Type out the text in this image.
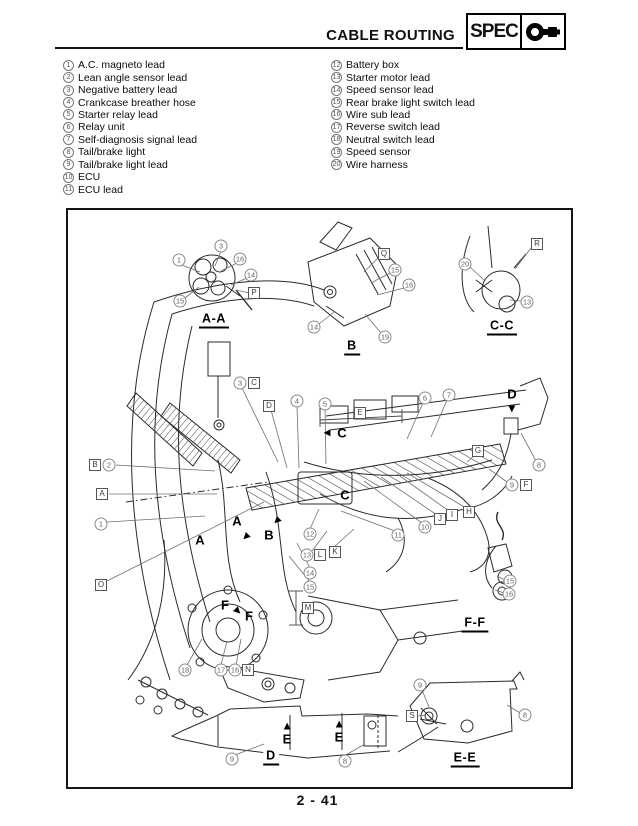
CABLE ROUTING SPEC
1 A.C. magneto lead
2 Lean angle sensor lead
3 Negative battery lead
4 Crankcase breather hose
5 Starter relay lead
6 Relay unit
7 Self-diagnosis signal lead
8 Tail/brake light
9 Tail/brake light lead
10 ECU
11 ECU lead
12 Battery box
13 Starter motor lead
14 Speed sensor lead
15 Rear brake light switch lead
16 Wire sub lead
17 Reverse switch lead
18 Neutral switch lead
19 Speed sensor
20 Wire harness
1
3
16
14
P
15
A-A
Q
15
16
14
19
B
20
R
13
C-C
3	C
D
4	5
E
6	7	D
▶
C
▶
B	2
A
1
G
8
9	F
C
H
I
J
10
11
A
▶
A	B
▶
O
12
13 L	K
14
15
M
F ▶ F
18	17 16 N
15
16
F-F
▶
E
▶
E
9	D	8
9
S	8
E-E
2 - 41
